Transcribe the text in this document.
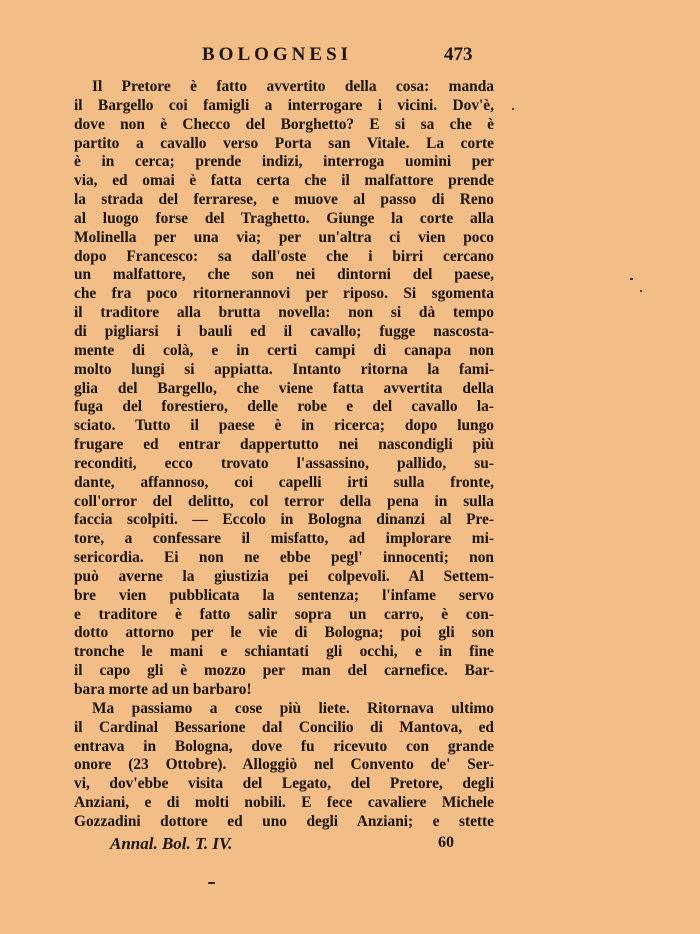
BOLOGNESI	473
Il Pretore è fatto avvertito della cosa: manda
il Bargello coi famigli a interrogare i vicini. Dov'è,
dove non è Checco del Borghetto? E si sa che è
partito a cavallo verso Porta san Vitale. La corte
è in cerca; prende indizi, interroga uomini per
via, ed omai è fatta certa che il malfattore prende
la strada del ferrarese, e muove al passo di Reno
al luogo forse del Traghetto. Giunge la corte alla
Molinella per una via; per un'altra ci vien poco
dopo Francesco: sa dall'oste che i birri cercano
un malfattore, che son nei dintorni del paese,
che fra poco ritornerannovi per riposo. Si sgomenta
il traditore alla brutta novella: non si dà tempo
di pigliarsi i bauli ed il cavallo; fugge nascosta-
mente di colà, e in certi campi di canapa non
molto lungi si appiatta. Intanto ritorna la fami-
glia del Bargello, che viene fatta avvertita della
fuga del forestiero, delle robe e del cavallo la-
sciato. Tutto il paese è in ricerca; dopo lungo
frugare ed entrar dappertutto nei nascondigli più
reconditi, ecco trovato l'assassino, pallido, su-
dante, affannoso, coi capelli irti sulla fronte,
coll'orror del delitto, col terror della pena in sulla
faccia scolpiti. — Eccolo in Bologna dinanzi al Pre-
tore, a confessare il misfatto, ad implorare mi-
sericordia. Ei non ne ebbe pegl' innocenti; non
può averne la giustizia pei colpevoli. Al Settem-
bre vien pubblicata la sentenza; l'infame servo
e traditore è fatto salir sopra un carro, è con-
dotto attorno per le vie di Bologna; poi gli son
tronche le mani e schiantati gli occhi, e in fine
il capo gli è mozzo per man del carnefice. Bar-
bara morte ad un barbaro!
Ma passiamo a cose più liete. Ritornava ultimo
il Cardinal Bessarione dal Concilio di Mantova, ed
entrava in Bologna, dove fu ricevuto con grande
onore (23 Ottobre). Alloggiò nel Convento de' Ser-
vi, dov'ebbe visita del Legato, del Pretore, degli
Anziani, e di molti nobili. E fece cavaliere Michele
Gozzadini dottore ed uno degli Anziani; e stette
Annal. Bol. T. IV.	60
